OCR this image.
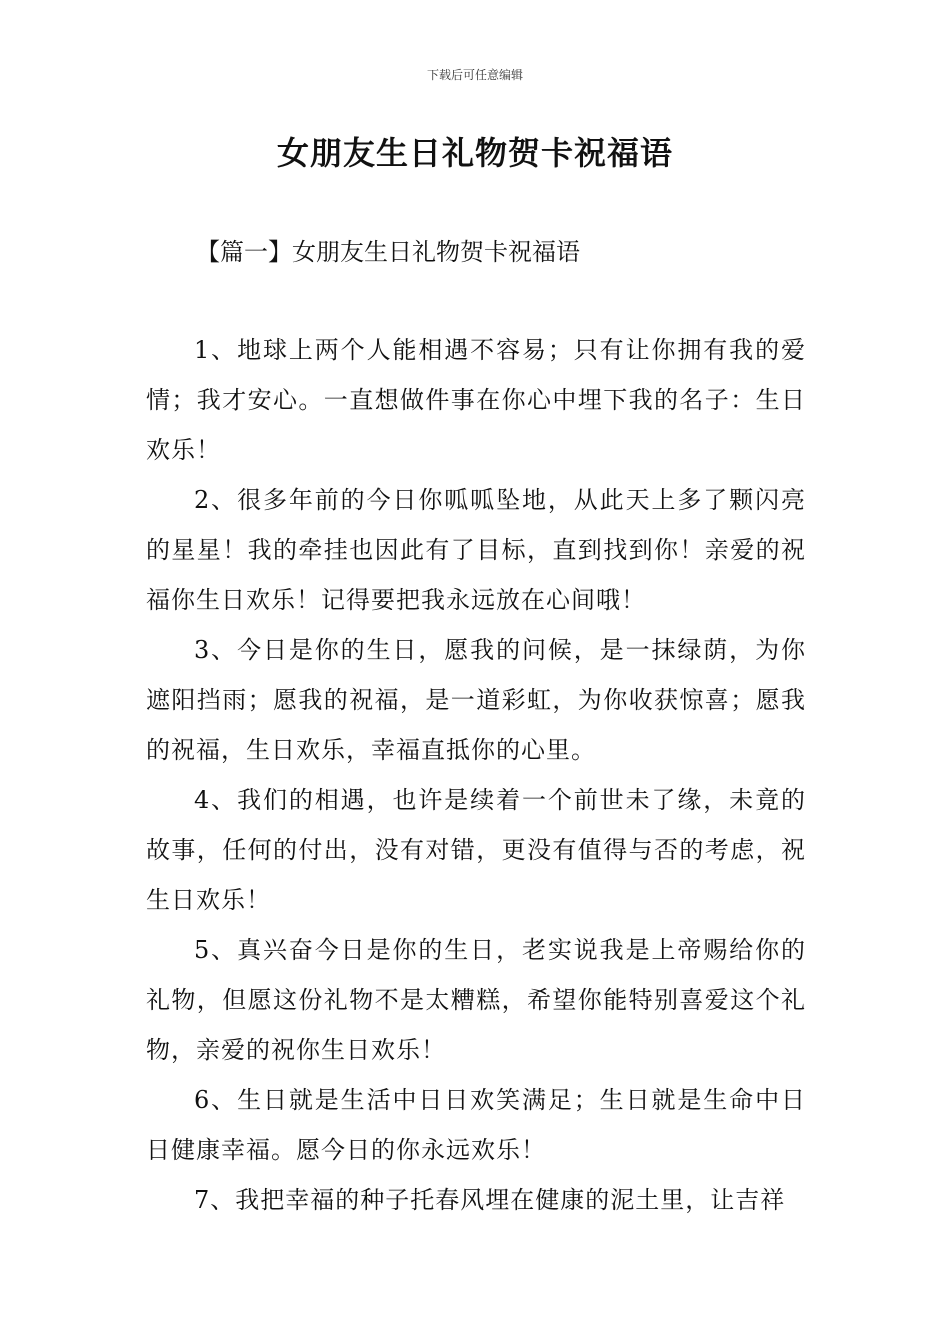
下载后可任意编辑
女朋友生日礼物贺卡祝福语
【篇一】女朋友生日礼物贺卡祝福语

1、地球上两个人能相遇不容易；只有让你拥有我的爱情；我才安心。一直想做件事在你心中埋下我的名子：生日欢乐！

2、很多年前的今日你呱呱坠地，从此天上多了颗闪亮的星星！我的牵挂也因此有了目标，直到找到你！亲爱的祝福你生日欢乐！记得要把我永远放在心间哦！

3、今日是你的生日，愿我的问候，是一抹绿荫，为你遮阳挡雨；愿我的祝福，是一道彩虹，为你收获惊喜；愿我的祝福，生日欢乐，幸福直抵你的心里。

4、我们的相遇，也许是续着一个前世未了缘，未竟的故事，任何的付出，没有对错，更没有值得与否的考虑，祝生日欢乐！

5、真兴奋今日是你的生日，老实说我是上帝赐给你的礼物，但愿这份礼物不是太糟糕，希望你能特别喜爱这个礼物，亲爱的祝你生日欢乐！

6、生日就是生活中日日欢笑满足；生日就是生命中日日健康幸福。愿今日的你永远欢乐！

7、我把幸福的种子托春风埋在健康的泥土里，让吉祥
